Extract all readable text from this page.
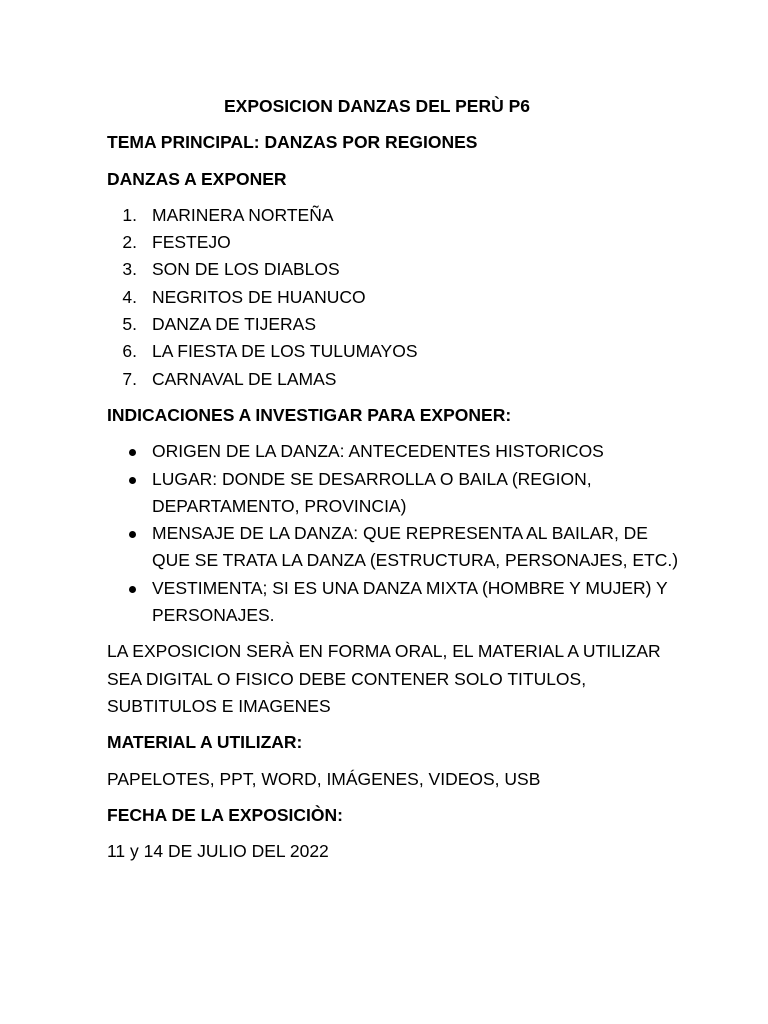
EXPOSICION DANZAS DEL PERÙ P6
TEMA PRINCIPAL: DANZAS POR REGIONES
DANZAS A EXPONER
1. MARINERA NORTEÑA
2. FESTEJO
3. SON DE LOS DIABLOS
4. NEGRITOS DE HUANUCO
5. DANZA DE TIJERAS
6. LA FIESTA DE LOS TULUMAYOS
7. CARNAVAL DE LAMAS
INDICACIONES A INVESTIGAR PARA EXPONER:
ORIGEN DE LA DANZA: ANTECEDENTES HISTORICOS
LUGAR: DONDE SE DESARROLLA O BAILA (REGION, DEPARTAMENTO, PROVINCIA)
MENSAJE DE LA DANZA: QUE REPRESENTA AL BAILAR, DE QUE SE TRATA LA DANZA (ESTRUCTURA, PERSONAJES, ETC.)
VESTIMENTA; SI ES UNA DANZA MIXTA (HOMBRE Y MUJER) Y PERSONAJES.
LA EXPOSICION SERÀ EN FORMA ORAL, EL MATERIAL A UTILIZAR SEA DIGITAL O FISICO DEBE CONTENER SOLO TITULOS, SUBTITULOS E IMAGENES
MATERIAL A UTILIZAR:
PAPELOTES, PPT, WORD, IMÁGENES, VIDEOS, USB
FECHA DE LA EXPOSICIÒN:
11 y 14 DE JULIO DEL 2022
